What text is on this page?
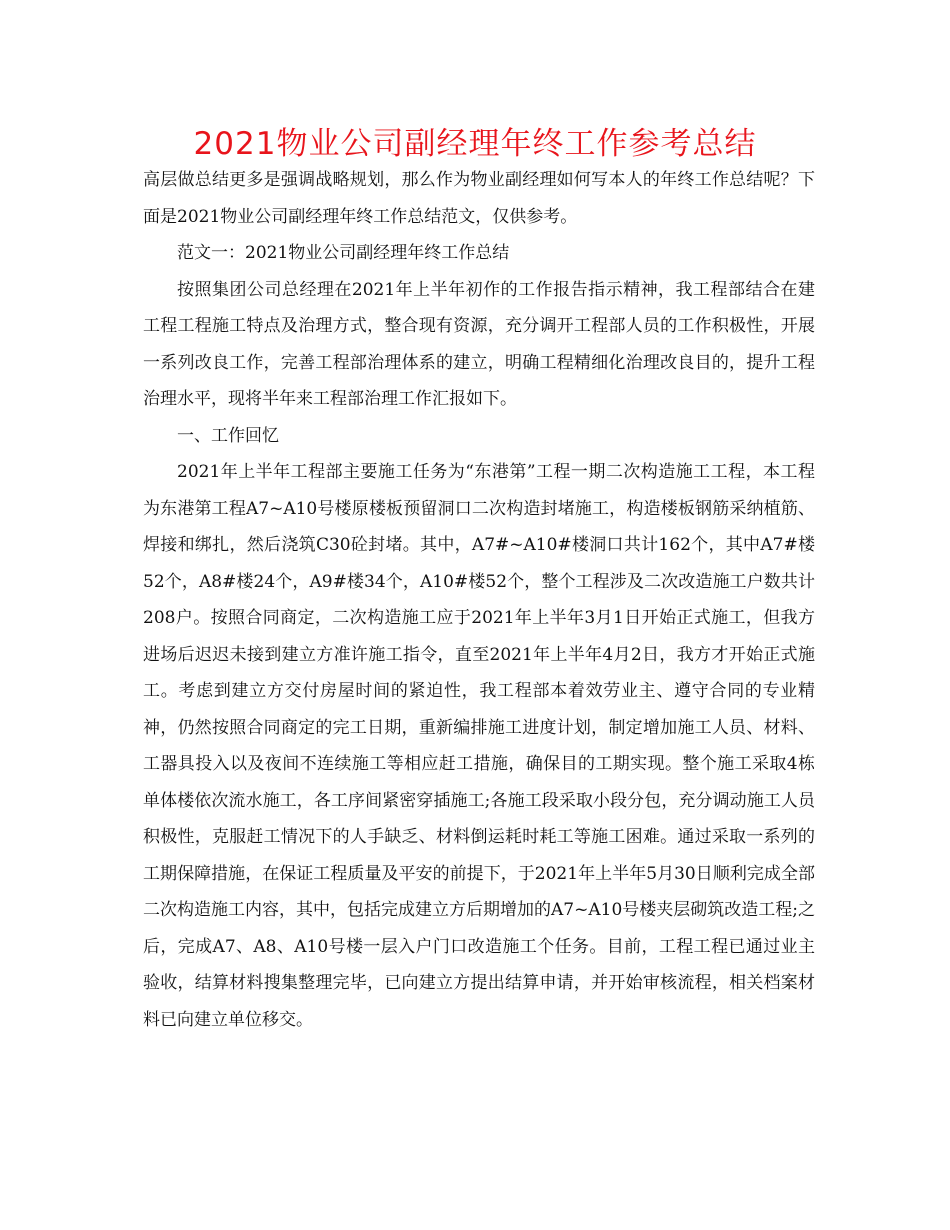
2021物业公司副经理年终工作参考总结

高层做总结更多是强调战略规划，那么作为物业副经理如何写本人的年终工作总结呢？下面是2021物业公司副经理年终工作总结范文，仅供参考。

范文一：2021物业公司副经理年终工作总结

按照集团公司总经理在2021年上半年初作的工作报告指示精神，我工程部结合在建工程工程施工特点及治理方式，整合现有资源，充分调开工程部人员的工作积极性，开展一系列改良工作，完善工程部治理体系的建立，明确工程精细化治理改良目的，提升工程治理水平，现将半年来工程部治理工作汇报如下。

一、工作回忆

2021年上半年工程部主要施工任务为“东港第”工程一期二次构造施工工程，本工程为东港第工程A7~A10号楼原楼板预留洞口二次构造封堵施工，构造楼板钢筋采纳植筋、焊接和绑扎，然后浇筑C30砼封堵。其中，A7#~A10#楼洞口共计162个，其中A7#楼52个，A8#楼24个，A9#楼34个，A10#楼52个，整个工程涉及二次改造施工户数共计208户。按照合同商定，二次构造施工应于2021年上半年3月1日开始正式施工，但我方进场后迟迟未接到建立方准许施工指令，直至2021年上半年4月2日，我方才开始正式施工。考虑到建立方交付房屋时间的紧迫性，我工程部本着效劳业主、遵守合同的专业精神，仍然按照合同商定的完工日期，重新编排施工进度计划，制定增加施工人员、材料、工器具投入以及夜间不连续施工等相应赶工措施，确保目的工期实现。整个施工采取4栋单体楼依次流水施工，各工序间紧密穿插施工;各施工段采取小段分包，充分调动施工人员积极性，克服赶工情况下的人手缺乏、材料倒运耗时耗工等施工困难。通过采取一系列的工期保障措施，在保证工程质量及平安的前提下，于2021年上半年5月30日顺利完成全部二次构造施工内容，其中，包括完成建立方后期增加的A7~A10号楼夹层砌筑改造工程;之后，完成A7、A8、A10号楼一层入户门口改造施工个任务。目前，工程工程已通过业主验收，结算材料搜集整理完毕，已向建立方提出结算申请，并开始审核流程，相关档案材料已向建立单位移交。
